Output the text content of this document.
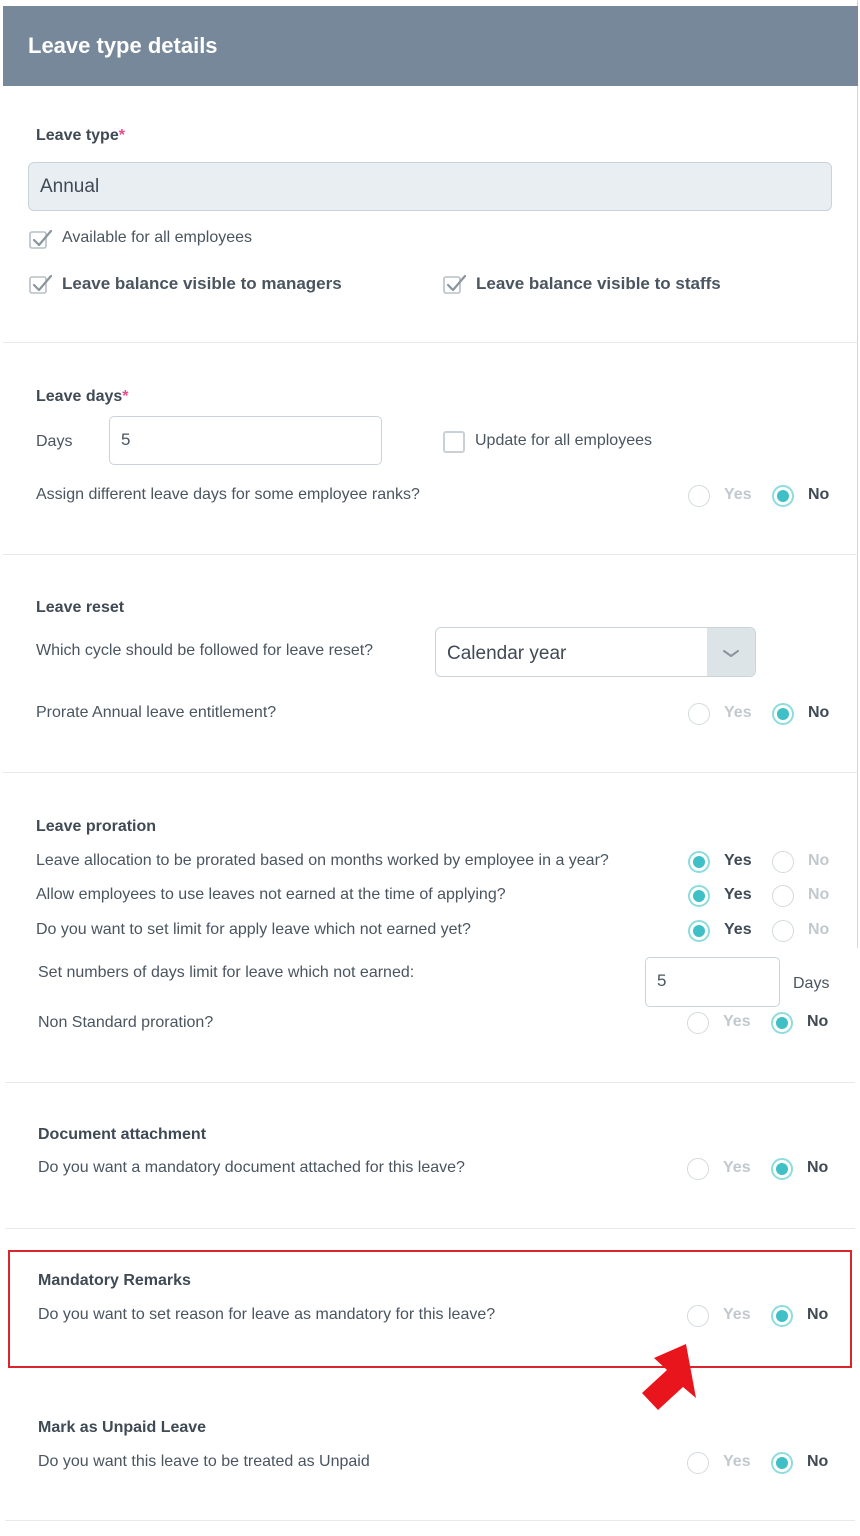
Leave type details
Leave type*
Annual
Available for all employees
Leave balance visible to managers	Leave balance visible to staffs
Leave days*
Days	5	Update for all employees
Assign different leave days for some employee ranks?	Yes	No
Leave reset
Which cycle should be followed for leave reset?	Calendar year
Prorate Annual leave entitlement?	Yes	No
Leave proration
Leave allocation to be prorated based on months worked by employee in a year?	Yes	No
Allow employees to use leaves not earned at the time of applying?	Yes	No
Do you want to set limit for apply leave which not earned yet?	Yes	No
Set numbers of days limit for leave which not earned:	5	Days
Non Standard proration?	Yes	No
Document attachment
Do you want a mandatory document attached for this leave?	Yes	No
Mandatory Remarks
Do you want to set reason for leave as mandatory for this leave?	Yes	No
Mark as Unpaid Leave
Do you want this leave to be treated as Unpaid	Yes	No
